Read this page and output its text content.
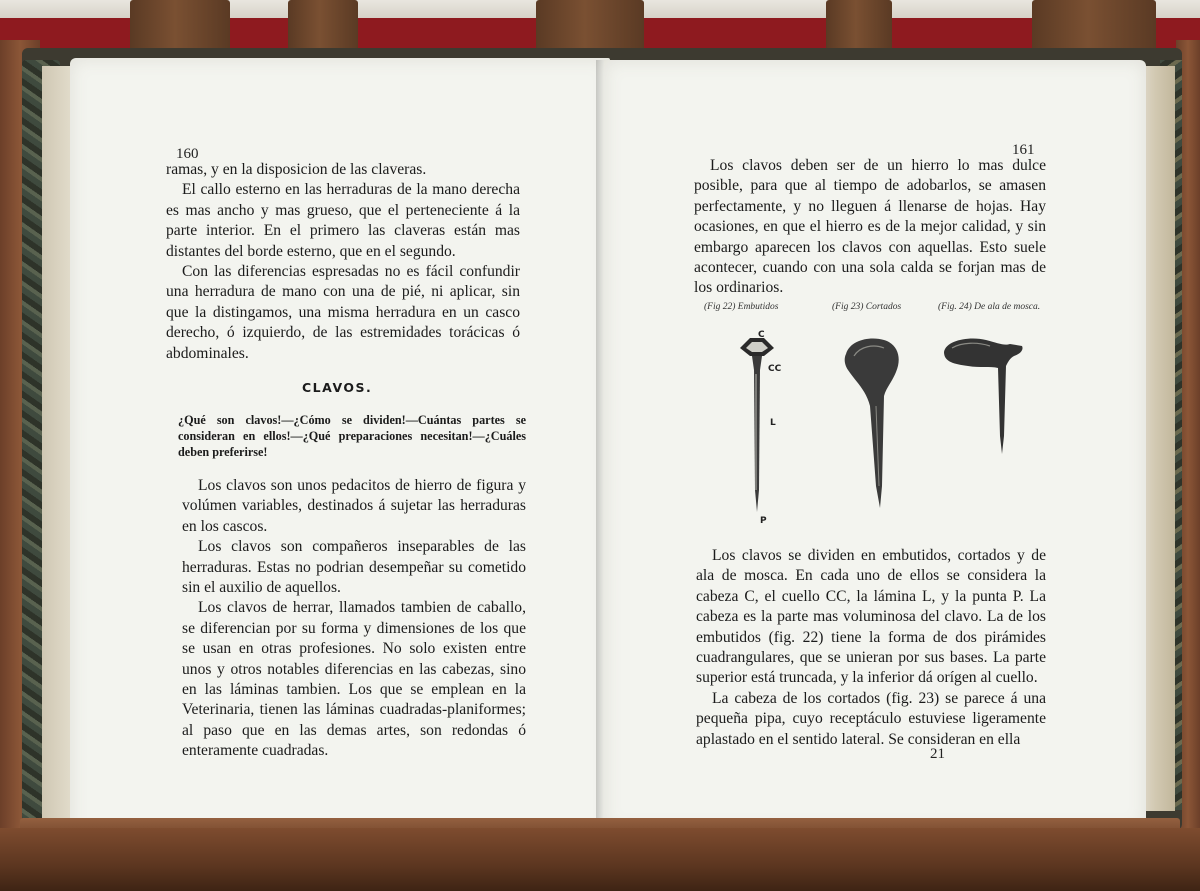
160

ramas, y en la disposicion de las claveras.

El callo esterno en las herraduras de la mano derecha es mas ancho y mas grueso, que el perteneciente á la parte interior. En el primero las claveras están mas distantes del borde esterno, que en el segundo.

Con las diferencias espresadas no es fácil confundir una herradura de mano con una de pié, ni aplicar, sin que la distingamos, una misma herradura en un casco derecho, ó izquierdo, de las estremidades torácicas ó abdominales.

CLAVOS.

¿Qué son clavos!—¿Cómo se dividen!—Cuántas partes se consideran en ellos!—¿Qué preparaciones necesitan!—¿Cuáles deben preferirse!

Los clavos son unos pedacitos de hierro de figura y volúmen variables, destinados á sujetar las herraduras en los cascos.

Los clavos son compañeros inseparables de las herraduras. Estas no podrian desempeñar su cometido sin el auxilio de aquellos.

Los clavos de herrar, llamados tambien de caballo, se diferencian por su forma y dimensiones de los que se usan en otras profesiones. No solo existen entre unos y otros notables diferencias en las cabezas, sino en las láminas tambien. Los que se emplean en la Veterinaria, tienen las láminas cuadradas-planiformes; al paso que en las demas artes, son redondas ó enteramente cuadradas.

161

Los clavos deben ser de un hierro lo mas dulce posible, para que al tiempo de adobarlos, se amasen perfectamente, y no lleguen á llenarse de hojas. Hay ocasiones, en que el hierro es de la mejor calidad, y sin embargo aparecen los clavos con aquellas. Esto suele acontecer, cuando con una sola calda se forjan mas de los ordinarios.

(Fig 22) Embutidos	(Fig 23) Cortados	(Fig. 24) De ala de mosca.
C
CC
L
P

Los clavos se dividen en embutidos, cortados y de ala de mosca. En cada uno de ellos se considera la cabeza C, el cuello CC, la lámina L, y la punta P. La cabeza es la parte mas voluminosa del clavo. La de los embutidos (fig. 22) tiene la forma de dos pirámides cuadrangulares, que se unieran por sus bases. La parte superior está truncada, y la inferior dá orígen al cuello.

La cabeza de los cortados (fig. 23) se parece á una pequeña pipa, cuyo receptáculo estuviese ligeramente aplastado en el sentido lateral. Se consideran en ella

21
